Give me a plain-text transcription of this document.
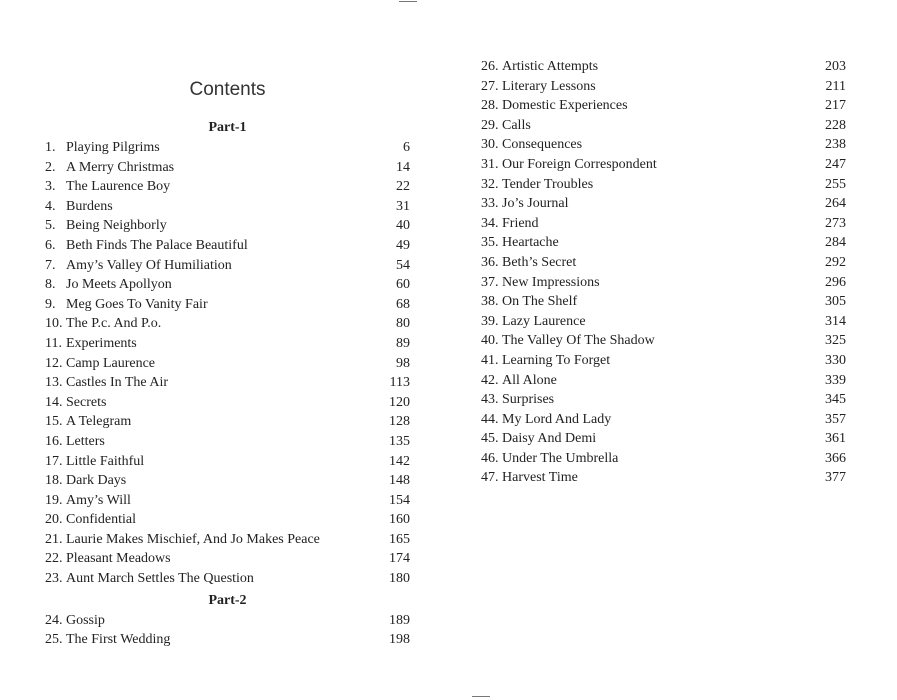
Contents
Part-1
1. Playing Pilgrims	6
2. A Merry Christmas	14
3. The Laurence Boy	22
4. Burdens	31
5. Being Neighborly	40
6. Beth Finds The Palace Beautiful	49
7. Amy’s Valley Of Humiliation	54
8. Jo Meets Apollyon	60
9. Meg Goes To Vanity Fair	68
10. The P.c. And P.o.	80
11. Experiments	89
12. Camp Laurence	98
13. Castles In The Air	113
14. Secrets	120
15. A Telegram	128
16. Letters	135
17. Little Faithful	142
18. Dark Days	148
19. Amy’s Will	154
20. Confidential	160
21. Laurie Makes Mischief, And Jo Makes Peace	165
22. Pleasant Meadows	174
23. Aunt March Settles The Question	180
Part-2
24. Gossip	189
25. The First Wedding	198
26. Artistic Attempts	203
27. Literary Lessons	211
28. Domestic Experiences	217
29. Calls	228
30. Consequences	238
31. Our Foreign Correspondent	247
32. Tender Troubles	255
33. Jo’s Journal	264
34. Friend	273
35. Heartache	284
36. Beth’s Secret	292
37. New Impressions	296
38. On The Shelf	305
39. Lazy Laurence	314
40. The Valley Of The Shadow	325
41. Learning To Forget	330
42. All Alone	339
43. Surprises	345
44. My Lord And Lady	357
45. Daisy And Demi	361
46. Under The Umbrella	366
47. Harvest Time	377
